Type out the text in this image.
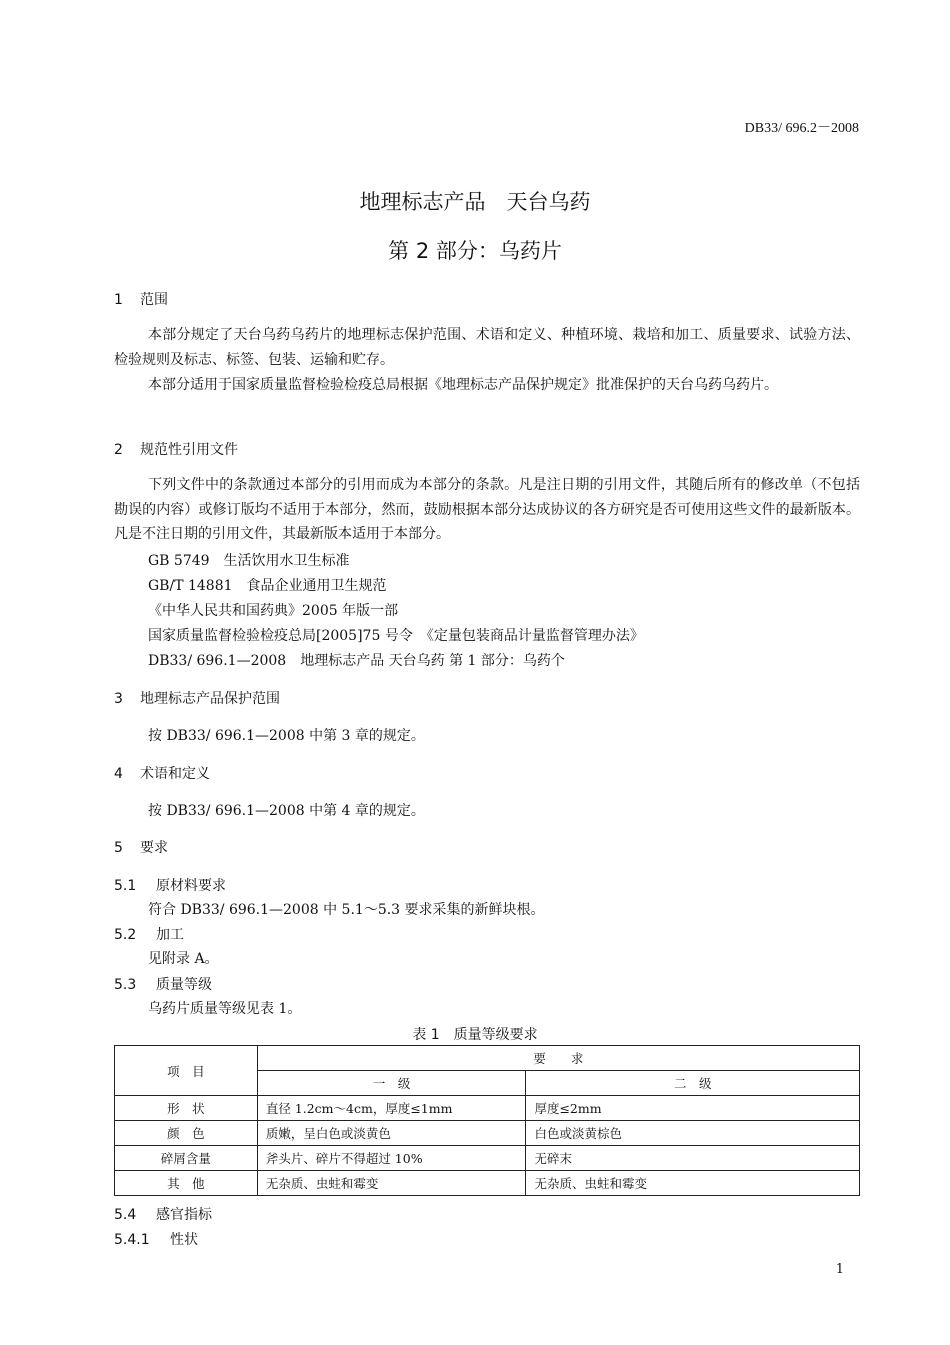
DB33/ 696.2－2008
地理标志产品　天台乌药
第 2 部分：乌药片
1 范围
本部分规定了天台乌药乌药片的地理标志保护范围、术语和定义、种植环境、栽培和加工、质量要求、试验方法、检验规则及标志、标签、包装、运输和贮存。
本部分适用于国家质量监督检验检疫总局根据《地理标志产品保护规定》批准保护的天台乌药乌药片。
2 规范性引用文件
下列文件中的条款通过本部分的引用而成为本部分的条款。凡是注日期的引用文件，其随后所有的修改单（不包括勘误的内容）或修订版均不适用于本部分，然而，鼓励根据本部分达成协议的各方研究是否可使用这些文件的最新版本。凡是不注日期的引用文件，其最新版本适用于本部分。
GB 5749　生活饮用水卫生标准
GB/T 14881　食品企业通用卫生规范
《中华人民共和国药典》2005 年版一部
国家质量监督检验检疫总局[2005]75 号令　《定量包装商品计量监督管理办法》
DB33/ 696.1—2008　地理标志产品 天台乌药 第 1 部分：乌药个
3 地理标志产品保护范围
按 DB33/ 696.1—2008 中第 3 章的规定。
4 术语和定义
按 DB33/ 696.1—2008 中第 4 章的规定。
5 要求
5.1 原材料要求
符合 DB33/ 696.1—2008 中 5.1～5.3 要求采集的新鲜块根。
5.2 加工
见附录 A。
5.3 质量等级
乌药片质量等级见表 1。
表 1　质量等级要求
项　目	要　　求	
	一　级	二　级
形　状	直径 1.2cm～4cm，厚度≤1mm	厚度≤2mm
颜　色	质嫩，呈白色或淡黄色	白色或淡黄棕色
碎屑含量	斧头片、碎片不得超过 10%	无碎末
其　他	无杂质、虫蛀和霉变	无杂质、虫蛀和霉变
5.4 感官指标
5.4.1 性状
1
